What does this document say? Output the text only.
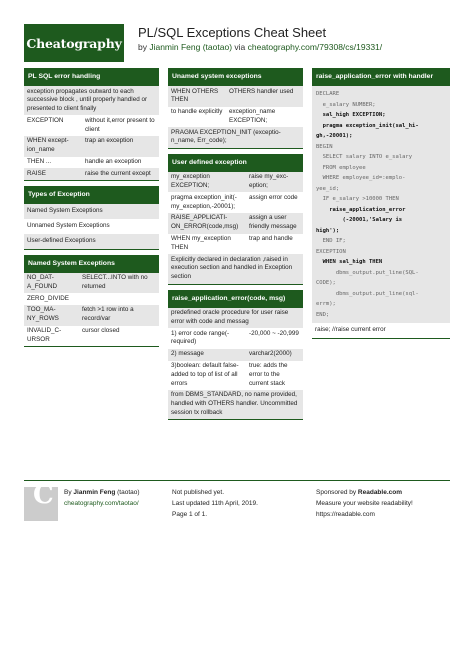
Cheatography
PL/SQL Exceptions Cheat Sheet
by Jianmin Feng (taotao) via cheatography.com/79308/cs/19331/
PL SQL error handling
exception propagates outward to each successive block , until properly handled or presented to client finally	
EXCEPTION	without it,error present to client
WHEN except-ion_name	trap an exception
THEN ...	handle an exception
RAISE	raise the current except
Types of Exception
Named System Exceptions
Unnamed System Exceptions
User-defined Exceptions
Named System Exceptions
NO_DAT-A_FOUND	SELECT...INTO with no returned
ZERO_DIVIDE	
TOO_MA-NY_ROWS	fetch >1 row into a record/var
INVALID_C-URSOR	cursor closed
Unamed system exceptions
WHEN OTHERS THEN	OTHERS handler used
to handle explicitly	exception_name EXCEPTION;
PRAGMA EXCEPTION_INIT (exceptio-n_name, Err_code);	
User defined exception
my_exception EXCEPTION;	raise my_exc-eption;
pragma exception_init(-my_exception,-20001);	assign error code
RAISE_APPLICATI-ON_ERROR(code,msg)	assign a user friendly message
WHEN my_exception THEN	trap and handle
Explicitly declared in declaration ,raised in execution section and handled in Exception section	
raise_application_error(code, msg)
predefined oracle procedure for user raise error with code and messag	
1) error code range(-required)	-20,000 ~ -20,999
2) message	varchar2(2000)
3)boolean: default false-added to top of list of all errors	true: adds the error to the current stack
from DBMS_STANDARD, no name provided, handled with OTHERS handler. Uncommitted session tx rollback	
raise_application_error with handler
DECLARE
e_salary NUMBER;
sal_high EXCEPTION;
pragma exception_init(sal_hi-
gh,-20001);
BEGIN
SELECT salary INTO e_salary
FROM employee
WHERE employee_id=:emplo-
yee_id;
IF e_salary >10000 THEN
raise_application_error
(-20001,'Salary is
high');
END IF;
EXCEPTION
WHEN sal_high THEN
dbms_output.put_line(SQL-
CODE);
dbms_output.put_line(sql-
errm);
END;
raise; //raise current error
C By Jianmin Feng (taotao)
cheatography.com/taotao/
Not published yet.
Last updated 11th April, 2019.
Page 1 of 1.
Sponsored by Readable.com
Measure your website readability!
https://readable.com
